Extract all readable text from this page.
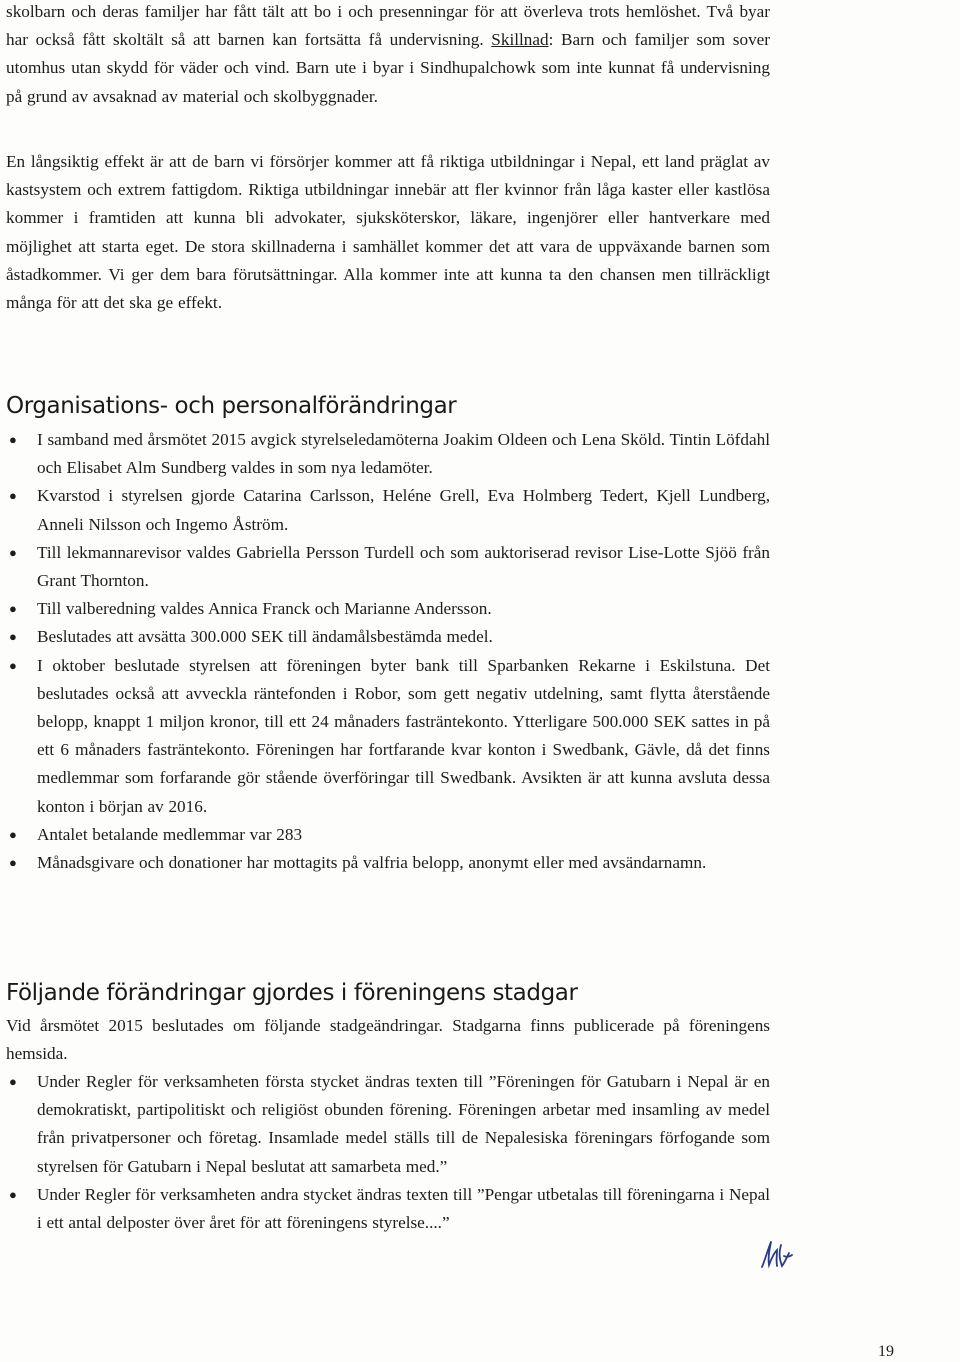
skolbarn och deras familjer har fått tält att bo i och presenningar för att överleva trots hemlöshet. Två byar har också fått skoltält så att barnen kan fortsätta få undervisning. Skillnad: Barn och familjer som sover utomhus utan skydd för väder och vind. Barn ute i byar i Sindhupalchowk som inte kunnat få undervisning på grund av avsaknad av material och skolbyggnader.

En långsiktig effekt är att de barn vi försörjer kommer att få riktiga utbildningar i Nepal, ett land präglat av kastsystem och extrem fattigdom. Riktiga utbildningar innebär att fler kvinnor från låga kaster eller kastlösa kommer i framtiden att kunna bli advokater, sjuksköterskor, läkare, ingenjörer eller hantverkare med möjlighet att starta eget. De stora skillnaderna i samhället kommer det att vara de uppväxande barnen som åstadkommer. Vi ger dem bara förutsättningar. Alla kommer inte att kunna ta den chansen men tillräckligt många för att det ska ge effekt.

Organisations- och personalförändringar
● I samband med årsmötet 2015 avgick styrelseledamöterna Joakim Oldeen och Lena Sköld. Tintin Löfdahl och Elisabet Alm Sundberg valdes in som nya ledamöter.
● Kvarstod i styrelsen gjorde Catarina Carlsson, Heléne Grell, Eva Holmberg Tedert, Kjell Lundberg, Anneli Nilsson och Ingemo Åström.
● Till lekmannarevisor valdes Gabriella Persson Turdell och som auktoriserad revisor Lise-Lotte Sjöö från Grant Thornton.
● Till valberedning valdes Annica Franck och Marianne Andersson.
● Beslutades att avsätta 300.000 SEK till ändamålsbestämda medel.
● I oktober beslutade styrelsen att föreningen byter bank till Sparbanken Rekarne i Eskilstuna. Det beslutades också att avveckla räntefonden i Robor, som gett negativ utdelning, samt flytta återstående belopp, knappt 1 miljon kronor, till ett 24 månaders fasträntekonto. Ytterligare 500.000 SEK sattes in på ett 6 månaders fasträntekonto. Föreningen har fortfarande kvar konton i Swedbank, Gävle, då det finns medlemmar som forfarande gör stående överföringar till Swedbank. Avsikten är att kunna avsluta dessa konton i början av 2016.
● Antalet betalande medlemmar var 283
● Månadsgivare och donationer har mottagits på valfria belopp, anonymt eller med avsändarnamn.
Följande förändringar gjordes i föreningens stadgar

Vid årsmötet 2015 beslutades om följande stadgeändringar. Stadgarna finns publicerade på föreningens hemsida.

● Under Regler för verksamheten första stycket ändras texten till ”Föreningen för Gatubarn i Nepal är en demokratiskt, partipolitiskt och religiöst obunden förening. Föreningen arbetar med insamling av medel från privatpersoner och företag. Insamlade medel ställs till de Nepalesiska föreningars förfogande som styrelsen för Gatubarn i Nepal beslutat att samarbeta med.”
● Under Regler för verksamheten andra stycket ändras texten till ”Pengar utbetalas till föreningarna i Nepal i ett antal delposter över året för att föreningens styrelse....”
19
